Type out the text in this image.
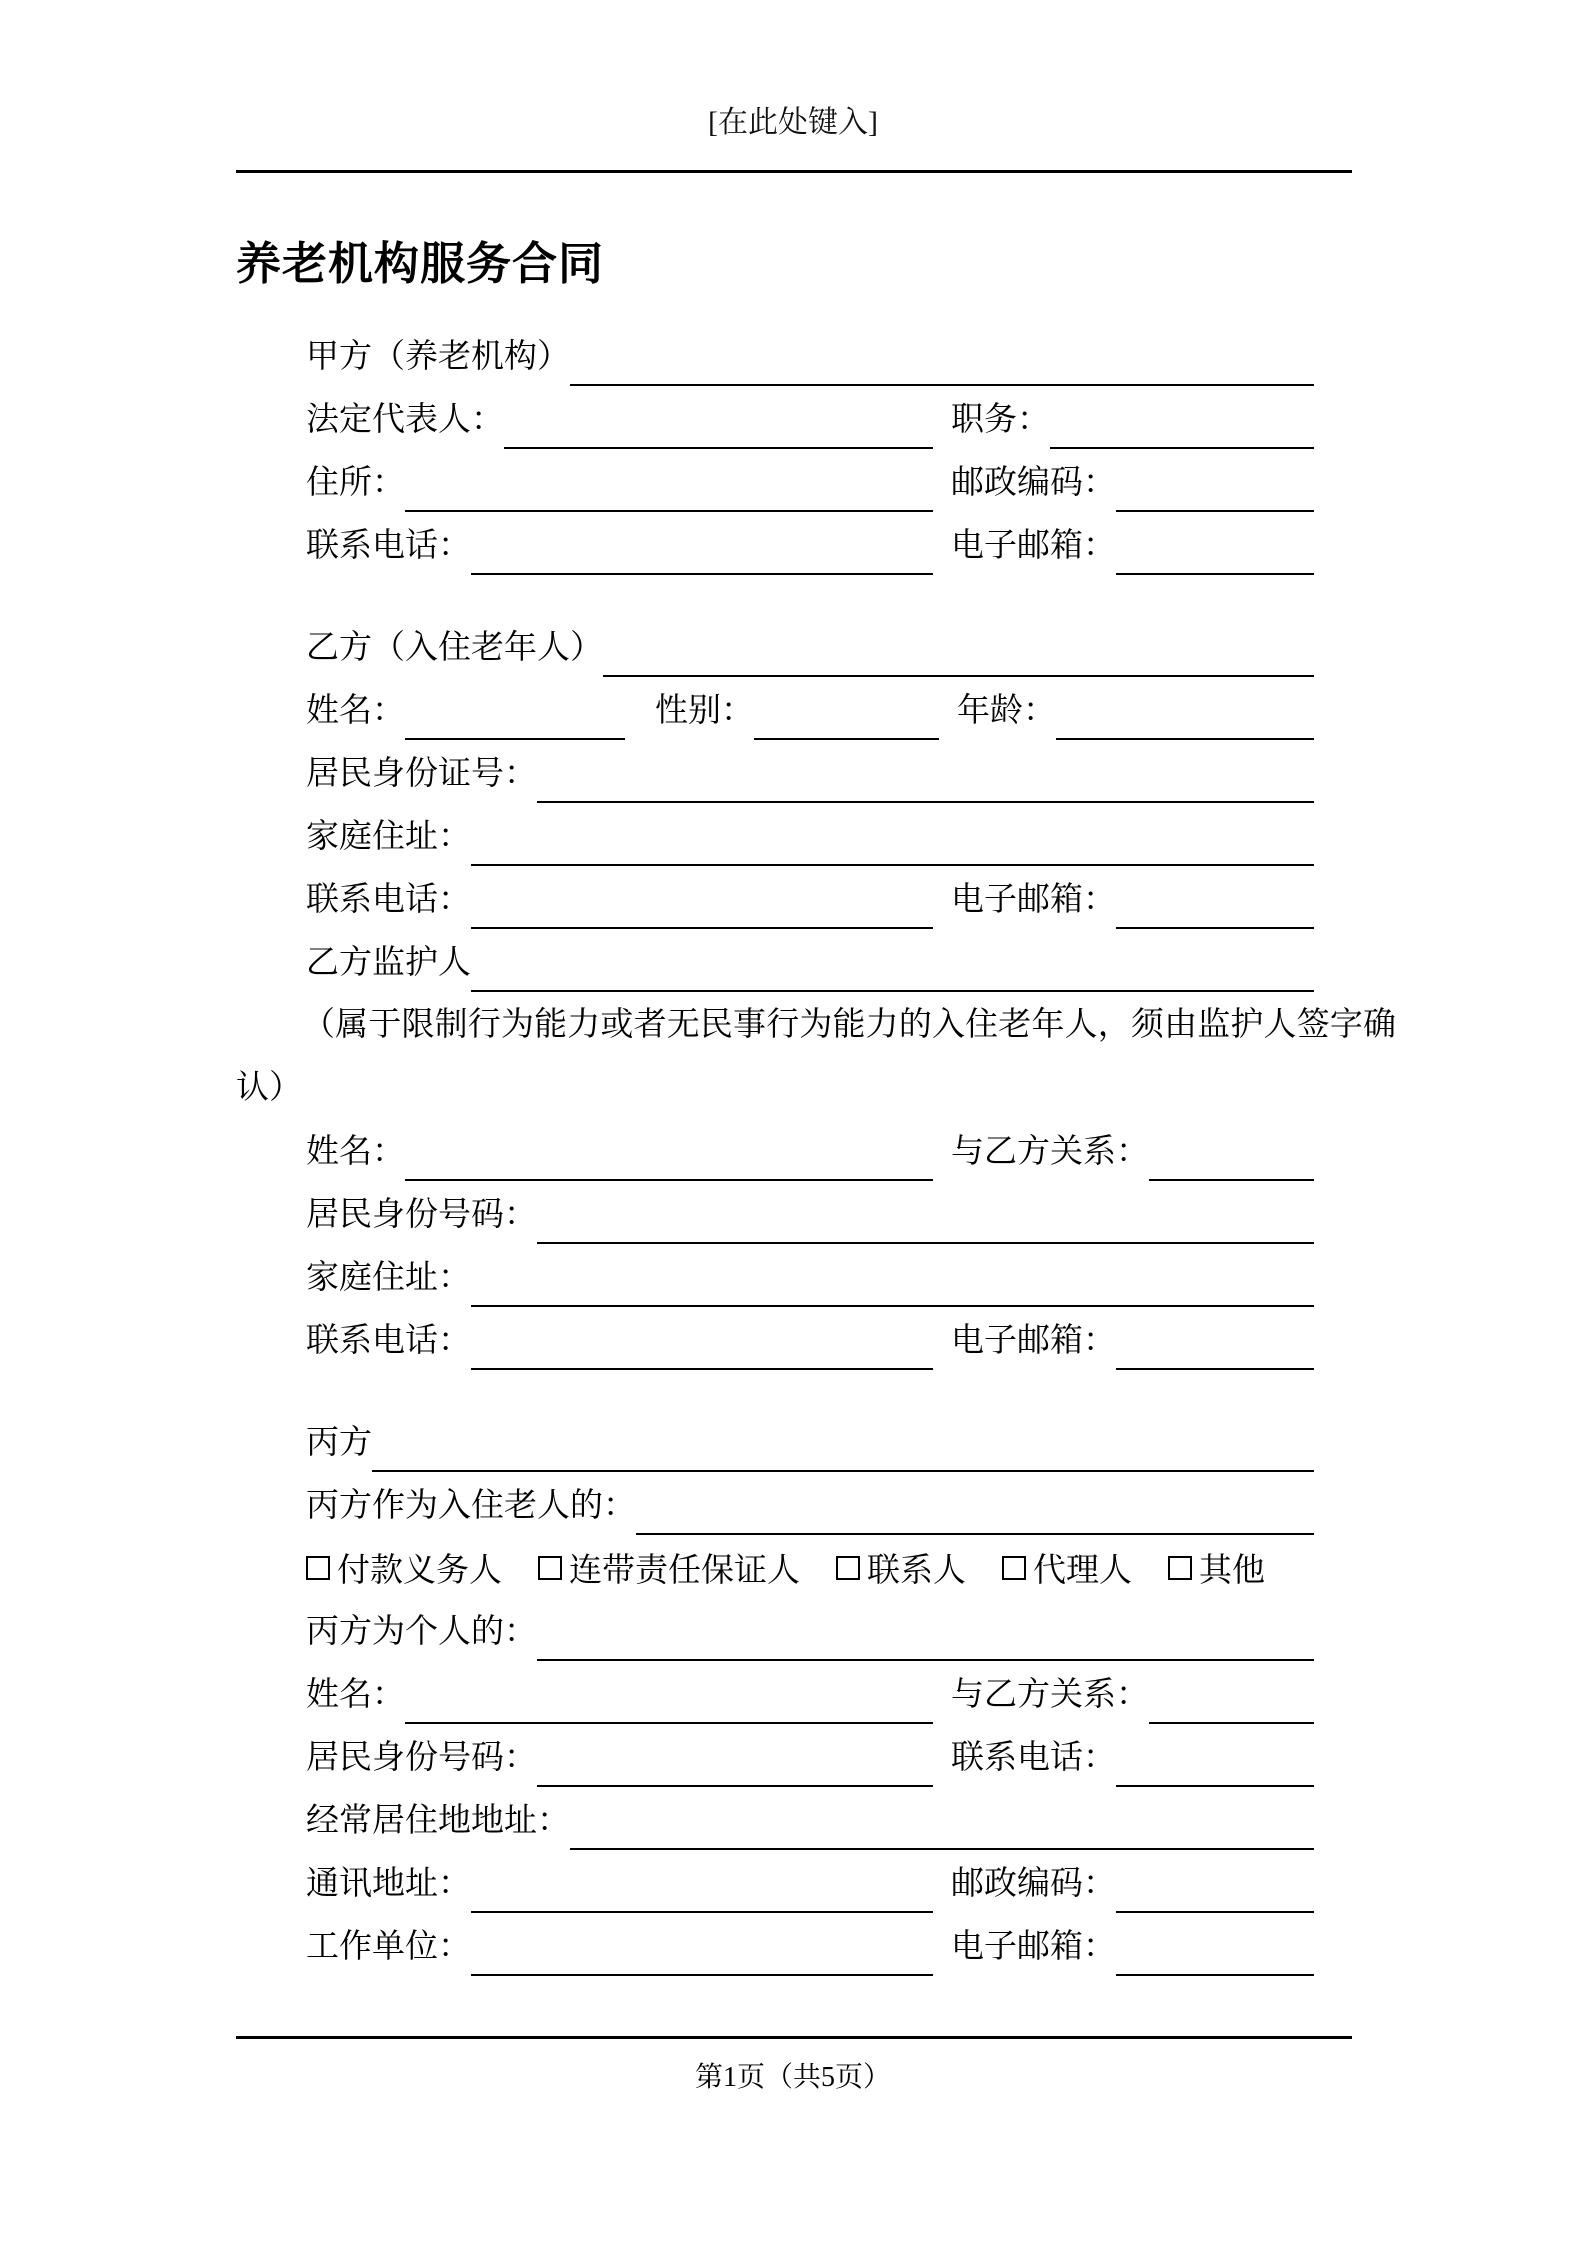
[在此处键入]
养老机构服务合同
甲方（养老机构）
法定代表人：	职务：
住所：	邮政编码：
联系电话：	电子邮箱：
乙方（入住老年人）
姓名：	性别：	年龄：
居民身份证号：
家庭住址：
联系电话：	电子邮箱：
乙方监护人

（属于限制行为能力或者无民事行为能力的入住老年人，须由监护人签字确认）

姓名：	与乙方关系：
居民身份号码：
家庭住址：
联系电话：	电子邮箱：
丙方
丙方作为入住老人的：
付款义务人 连带责任保证人 联系人 代理人 其他
丙方为个人的：
姓名：	与乙方关系：
居民身份号码：	联系电话：
经常居住地地址：
通讯地址：	邮政编码：
工作单位：	电子邮箱：
第1页（共5页）
